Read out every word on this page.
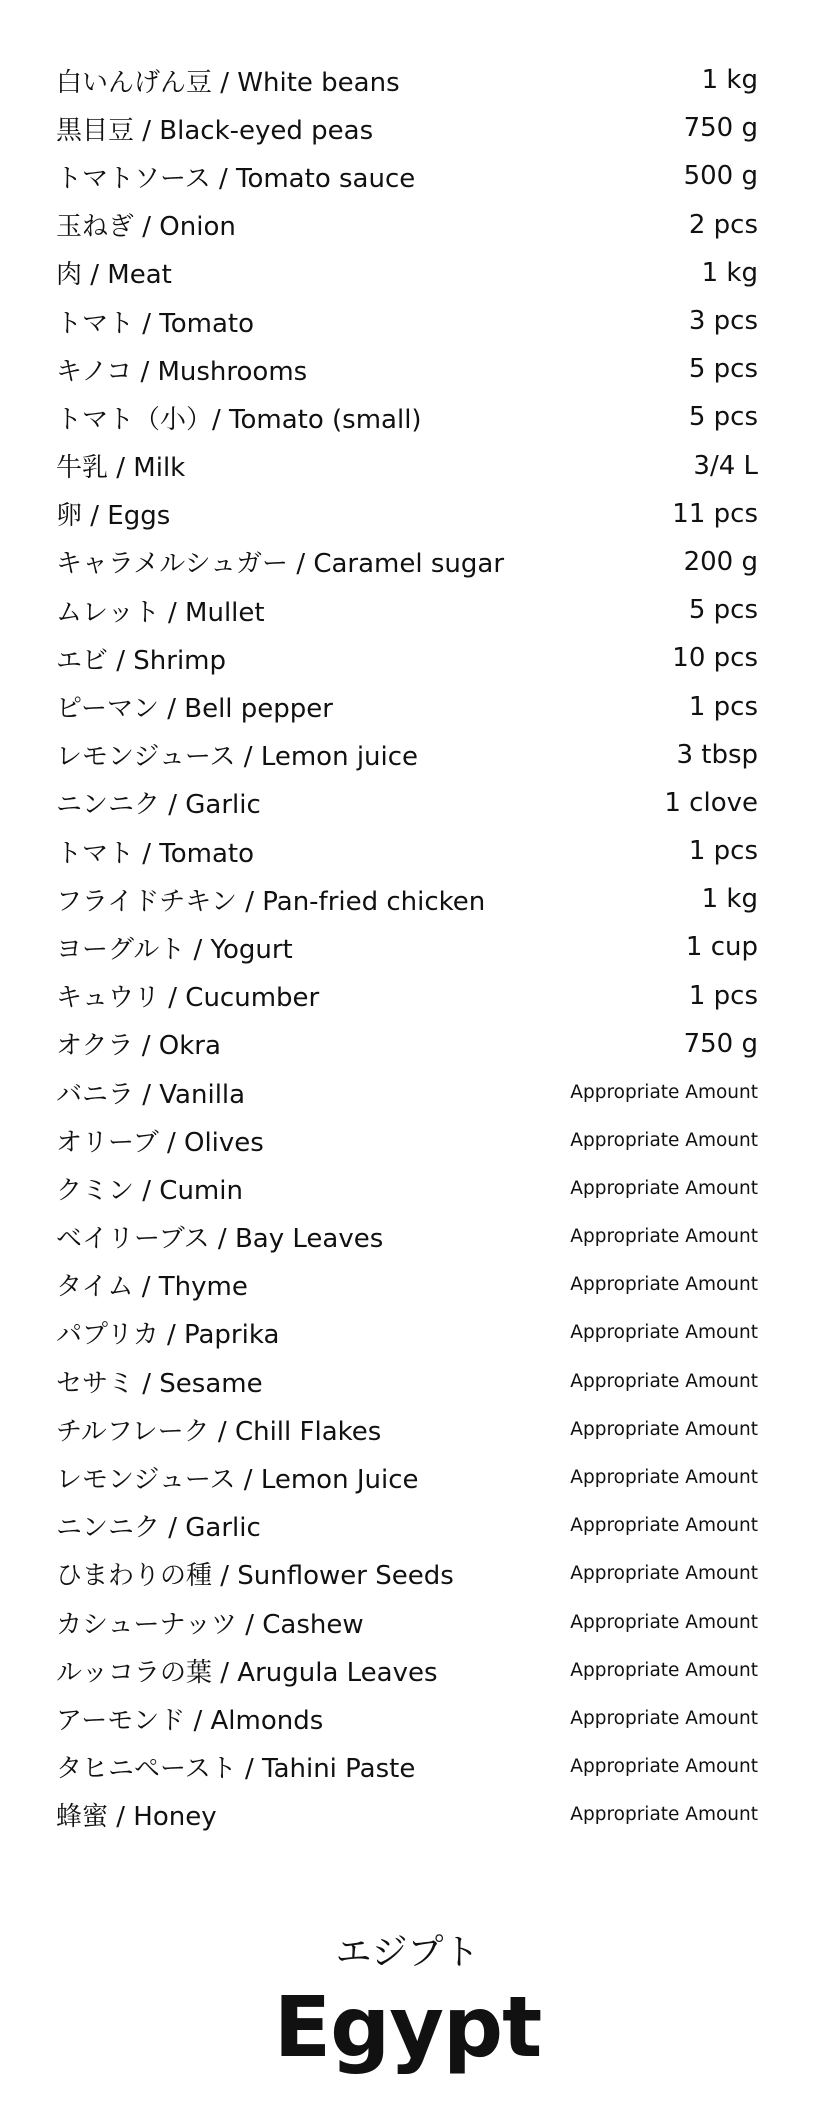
白いんげん豆 / White beans	1 kg
黒目豆 / Black-eyed peas	750 g
トマトソース / Tomato sauce	500 g
玉ねぎ / Onion	2 pcs
肉 / Meat	1 kg
トマト / Tomato	3 pcs
キノコ / Mushrooms	5 pcs
トマト（小）/ Tomato (small)	5 pcs
牛乳 / Milk	3/4 L
卵 / Eggs	11 pcs
キャラメルシュガー / Caramel sugar	200 g
ムレット / Mullet	5 pcs
エビ / Shrimp	10 pcs
ピーマン / Bell pepper	1 pcs
レモンジュース / Lemon juice	3 tbsp
ニンニク / Garlic	1 clove
トマト / Tomato	1 pcs
フライドチキン / Pan-fried chicken	1 kg
ヨーグルト / Yogurt	1 cup
キュウリ / Cucumber	1 pcs
オクラ / Okra	750 g
バニラ / Vanilla	Appropriate Amount
オリーブ / Olives	Appropriate Amount
クミン / Cumin	Appropriate Amount
ベイリーブス / Bay Leaves	Appropriate Amount
タイム / Thyme	Appropriate Amount
パプリカ / Paprika	Appropriate Amount
セサミ / Sesame	Appropriate Amount
チルフレーク / Chill Flakes	Appropriate Amount
レモンジュース / Lemon Juice	Appropriate Amount
ニンニク / Garlic	Appropriate Amount
ひまわりの種 / Sunflower Seeds	Appropriate Amount
カシューナッツ / Cashew	Appropriate Amount
ルッコラの葉 / Arugula Leaves	Appropriate Amount
アーモンド / Almonds	Appropriate Amount
タヒニペースト / Tahini Paste	Appropriate Amount
蜂蜜 / Honey	Appropriate Amount
エジプト
Egypt
